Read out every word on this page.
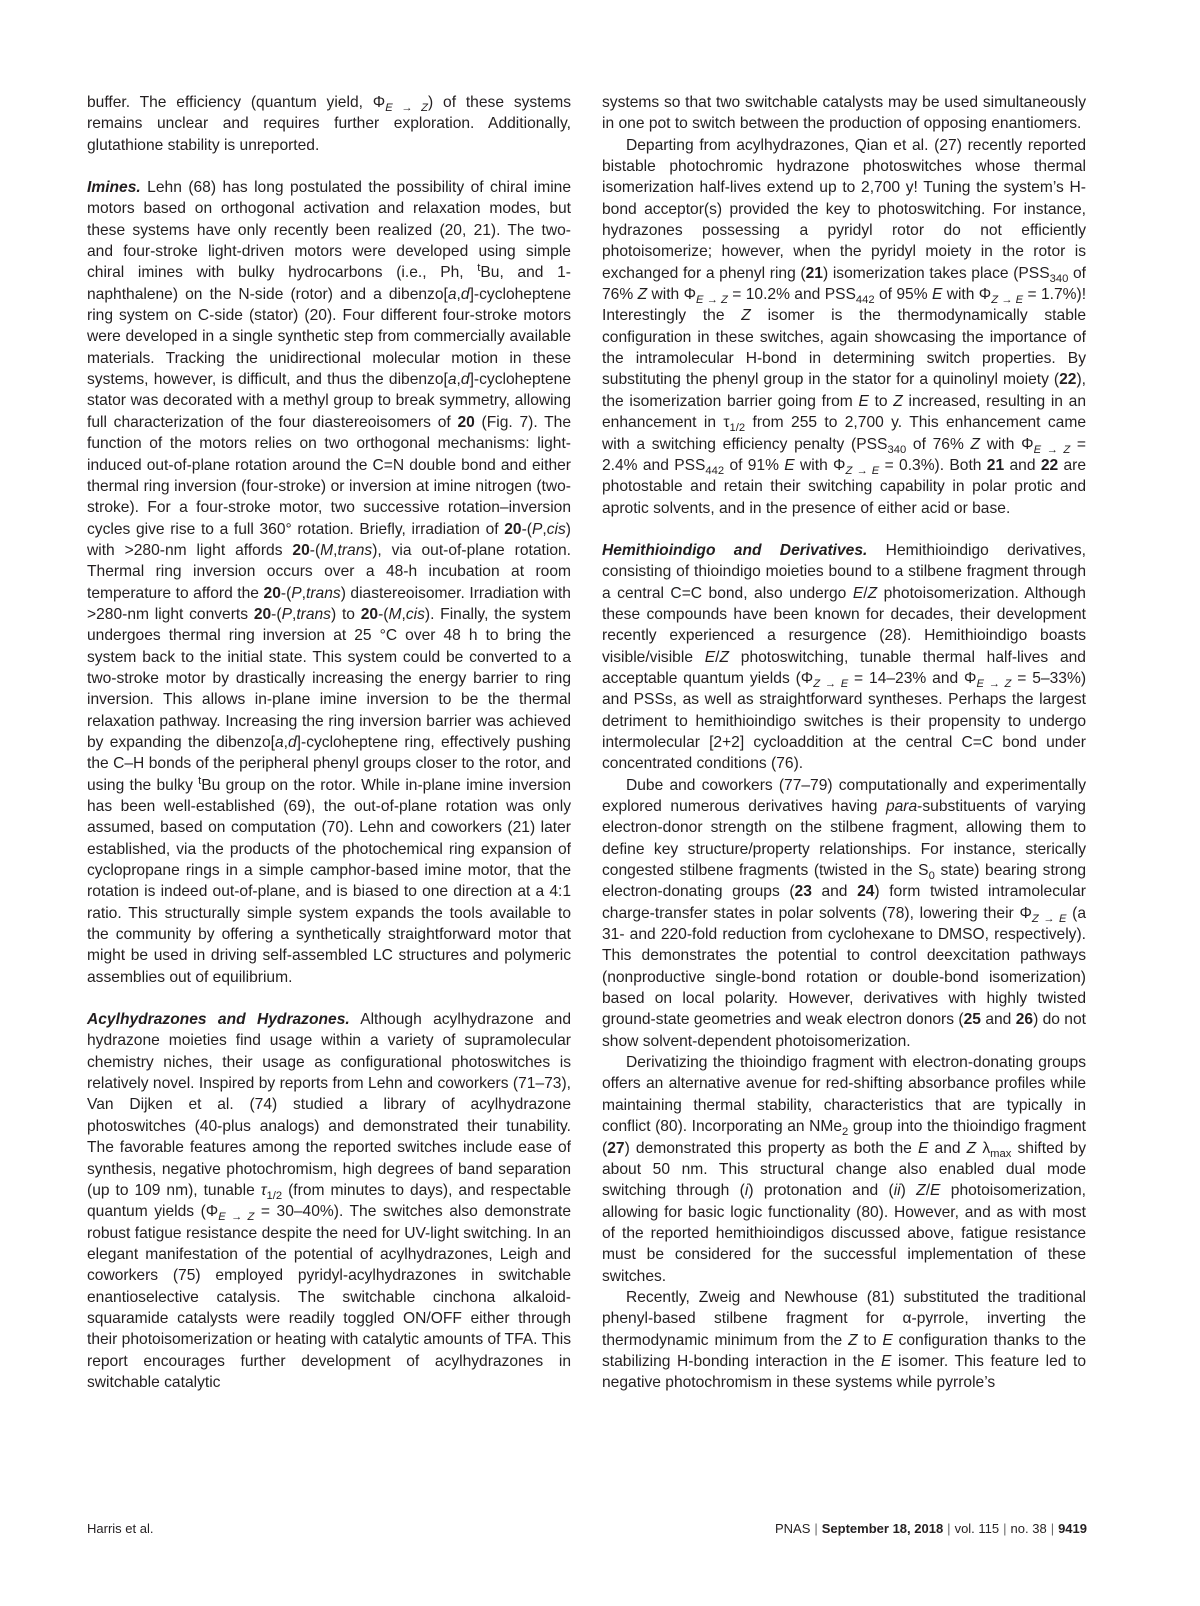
buffer. The efficiency (quantum yield, $\Phi_{E \to Z}$) of these systems remains unclear and requires further exploration. Additionally, glutathione stability is unreported.

Imines. Lehn (68) has long postulated the possibility of chiral imine motors based on orthogonal activation and relaxation modes, but these systems have only recently been realized (20, 21). The two- and four-stroke light-driven motors were developed using simple chiral imines with bulky hydrocarbons (i.e., Ph, $^t$Bu, and 1-naphthalene) on the N-side (rotor) and a dibenzo[a,d]-cycloheptene ring system on C-side (stator) (20). Four different four-stroke motors were developed in a single synthetic step from commercially available materials. Tracking the unidirectional molecular motion in these systems, however, is difficult, and thus the dibenzo[a,d]-cycloheptene stator was decorated with a methyl group to break symmetry, allowing full characterization of the four diastereoisomers of 20 (Fig. 7). The function of the motors relies on two orthogonal mechanisms: light-induced out-of-plane rotation around the C=N double bond and either thermal ring inversion (four-stroke) or inversion at imine nitrogen (two-stroke). For a four-stroke motor, two successive rotation–inversion cycles give rise to a full 360° rotation. Briefly, irradiation of 20-(P,cis) with >280-nm light affords 20-(M,trans), via out-of-plane rotation. Thermal ring inversion occurs over a 48-h incubation at room temperature to afford the 20-(P,trans) diastereoisomer. Irradiation with >280-nm light converts 20-(P,trans) to 20-(M,cis). Finally, the system undergoes thermal ring inversion at 25 °C over 48 h to bring the system back to the initial state. This system could be converted to a two-stroke motor by drastically increasing the energy barrier to ring inversion. This allows in-plane imine inversion to be the thermal relaxation pathway. Increasing the ring inversion barrier was achieved by expanding the dibenzo[a,d]-cycloheptene ring, effectively pushing the C–H bonds of the peripheral phenyl groups closer to the rotor, and using the bulky $^t$Bu group on the rotor. While in-plane imine inversion has been well-established (69), the out-of-plane rotation was only assumed, based on computation (70). Lehn and coworkers (21) later established, via the products of the photochemical ring expansion of cyclopropane rings in a simple camphor-based imine motor, that the rotation is indeed out-of-plane, and is biased to one direction at a 4:1 ratio. This structurally simple system expands the tools available to the community by offering a synthetically straightforward motor that might be used in driving self-assembled LC structures and polymeric assemblies out of equilibrium.

Acylhydrazones and Hydrazones. Although acylhydrazone and hydrazone moieties find usage within a variety of supramolecular chemistry niches, their usage as configurational photoswitches is relatively novel. Inspired by reports from Lehn and coworkers (71–73), Van Dijken et al. (74) studied a library of acylhydrazone photoswitches (40-plus analogs) and demonstrated their tunability. The favorable features among the reported switches include ease of synthesis, negative photochromism, high degrees of band separation (up to 109 nm), tunable $\tau_{1/2}$ (from minutes to days), and respectable quantum yields $(\Phi_{E \to Z} = 30-40\%)$. The switches also demonstrate robust fatigue resistance despite the need for UV-light switching. In an elegant manifestation of the potential of acylhydrazones, Leigh and coworkers (75) employed pyridyl-acylhydrazones in switchable enantioselective catalysis. The switchable cinchona alkaloid-squaramide catalysts were readily toggled ON/OFF either through their photoisomerization or heating with catalytic amounts of TFA. This report encourages further development of acylhydrazones in switchable catalytic

systems so that two switchable catalysts may be used simultaneously in one pot to switch between the production of opposing enantiomers.

Departing from acylhydrazones, Qian et al. (27) recently reported bistable photochromic hydrazone photoswitches whose thermal isomerization half-lives extend up to 2,700 y! Tuning the system’s H-bond acceptor(s) provided the key to photoswitching. For instance, hydrazones possessing a pyridyl rotor do not efficiently photoisomerize; however, when the pyridyl moiety in the rotor is exchanged for a phenyl ring (21) isomerization takes place ($PSS_{340}$ of 76% Z with $\Phi_{E \to Z} = 10.2\%$ and $PSS_{442}$ of 95% E with $\Phi_{Z \to E} = 1.7\%$)! Interestingly the Z isomer is the thermodynamically stable configuration in these switches, again showcasing the importance of the intramolecular H-bond in determining switch properties. By substituting the phenyl group in the stator for a quinolinyl moiety (22), the isomerization barrier going from E to Z increased, resulting in an enhancement in $\tau_{1/2}$ from 255 to 2,700 y. This enhancement came with a switching efficiency penalty ($PSS_{340}$ of 76% Z with $\Phi_{E \to Z} = 2.4\%$ and $PSS_{442}$ of 91% E with $\Phi_{Z \to E} = 0.3\%$). Both 21 and 22 are photostable and retain their switching capability in polar protic and aprotic solvents, and in the presence of either acid or base.

Hemithioindigo and Derivatives. Hemithioindigo derivatives, consisting of thioindigo moieties bound to a stilbene fragment through a central C=C bond, also undergo E/Z photoisomerization. Although these compounds have been known for decades, their development recently experienced a resurgence (28). Hemithioindigo boasts visible/visible E/Z photoswitching, tunable thermal half-lives and acceptable quantum yields ($\Phi_{Z \to E} = 14-23\%$ and $\Phi_{E \to Z} = 5-33\%$) and PSSs, as well as straightforward syntheses. Perhaps the largest detriment to hemithioindigo switches is their propensity to undergo intermolecular [2+2] cycloaddition at the central C=C bond under concentrated conditions (76).

Dube and coworkers (77–79) computationally and experimentally explored numerous derivatives having para-substituents of varying electron-donor strength on the stilbene fragment, allowing them to define key structure/property relationships. For instance, sterically congested stilbene fragments (twisted in the $S_0$ state) bearing strong electron-donating groups (23 and 24) form twisted intramolecular charge-transfer states in polar solvents (78), lowering their $\Phi_{Z \to E}$ (a 31- and 220-fold reduction from cyclohexane to DMSO, respectively). This demonstrates the potential to control deexcitation pathways (nonproductive single-bond rotation or double-bond isomerization) based on local polarity. However, derivatives with highly twisted ground-state geometries and weak electron donors (25 and 26) do not show solvent-dependent photoisomerization.

Derivatizing the thioindigo fragment with electron-donating groups offers an alternative avenue for red-shifting absorbance profiles while maintaining thermal stability, characteristics that are typically in conflict (80). Incorporating an NMe$_2$ group into the thioindigo fragment (27) demonstrated this property as both the E and Z $\lambda_{max}$ shifted by about 50 nm. This structural change also enabled dual mode switching through (i) protonation and (ii) Z/E photoisomerization, allowing for basic logic functionality (80). However, and as with most of the reported hemithioindigos discussed above, fatigue resistance must be considered for the successful implementation of these switches.

Recently, Zweig and Newhouse (81) substituted the traditional phenyl-based stilbene fragment for α-pyrrole, inverting the thermodynamic minimum from the Z to E configuration thanks to the stabilizing H-bonding interaction in the E isomer. This feature led to negative photochromism in these systems while pyrrole’s

Harris et al.	PNAS | September 18, 2018 | vol. 115 | no. 38 | 9419
